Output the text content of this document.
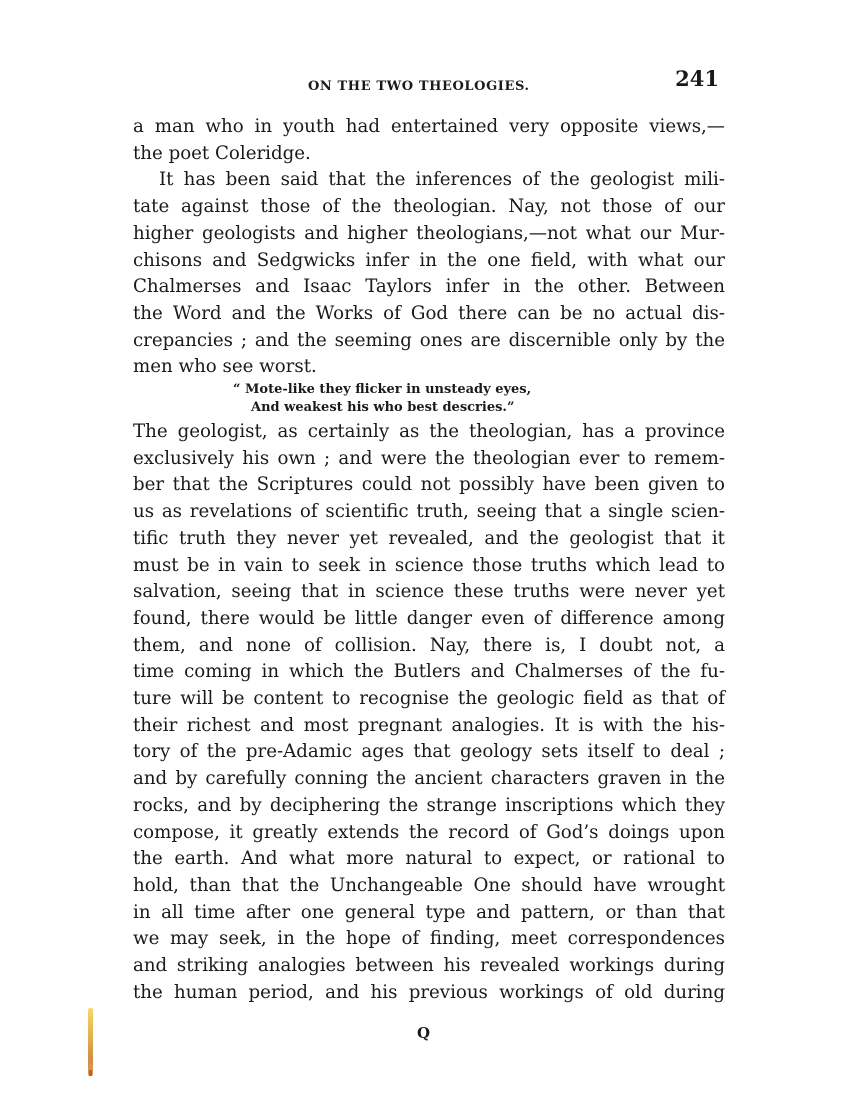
ON THE TWO THEOLOGIES.	241
a man who in youth had entertained very opposite views,—
the poet Coleridge.
It has been said that the inferences of the geologist mili-
tate against those of the theologian. Nay, not those of our
higher geologists and higher theologians,—not what our Mur-
chisons and Sedgwicks infer in the one field, with what our
Chalmerses and Isaac Taylors infer in the other. Between
the Word and the Works of God there can be no actual dis-
crepancies ; and the seeming ones are discernible only by the
men who see worst.
“ Mote-like they flicker in unsteady eyes,
And weakest his who best descries.”
The geologist, as certainly as the theologian, has a province
exclusively his own ; and were the theologian ever to remem-
ber that the Scriptures could not possibly have been given to
us as revelations of scientific truth, seeing that a single scien-
tific truth they never yet revealed, and the geologist that it
must be in vain to seek in science those truths which lead to
salvation, seeing that in science these truths were never yet
found, there would be little danger even of difference among
them, and none of collision. Nay, there is, I doubt not, a
time coming in which the Butlers and Chalmerses of the fu-
ture will be content to recognise the geologic field as that of
their richest and most pregnant analogies. It is with the his-
tory of the pre-Adamic ages that geology sets itself to deal ;
and by carefully conning the ancient characters graven in the
rocks, and by deciphering the strange inscriptions which they
compose, it greatly extends the record of God’s doings upon
the earth. And what more natural to expect, or rational to
hold, than that the Unchangeable One should have wrought
in all time after one general type and pattern, or than that
we may seek, in the hope of finding, meet correspondences
and striking analogies between his revealed workings during
the human period, and his previous workings of old during
Q
